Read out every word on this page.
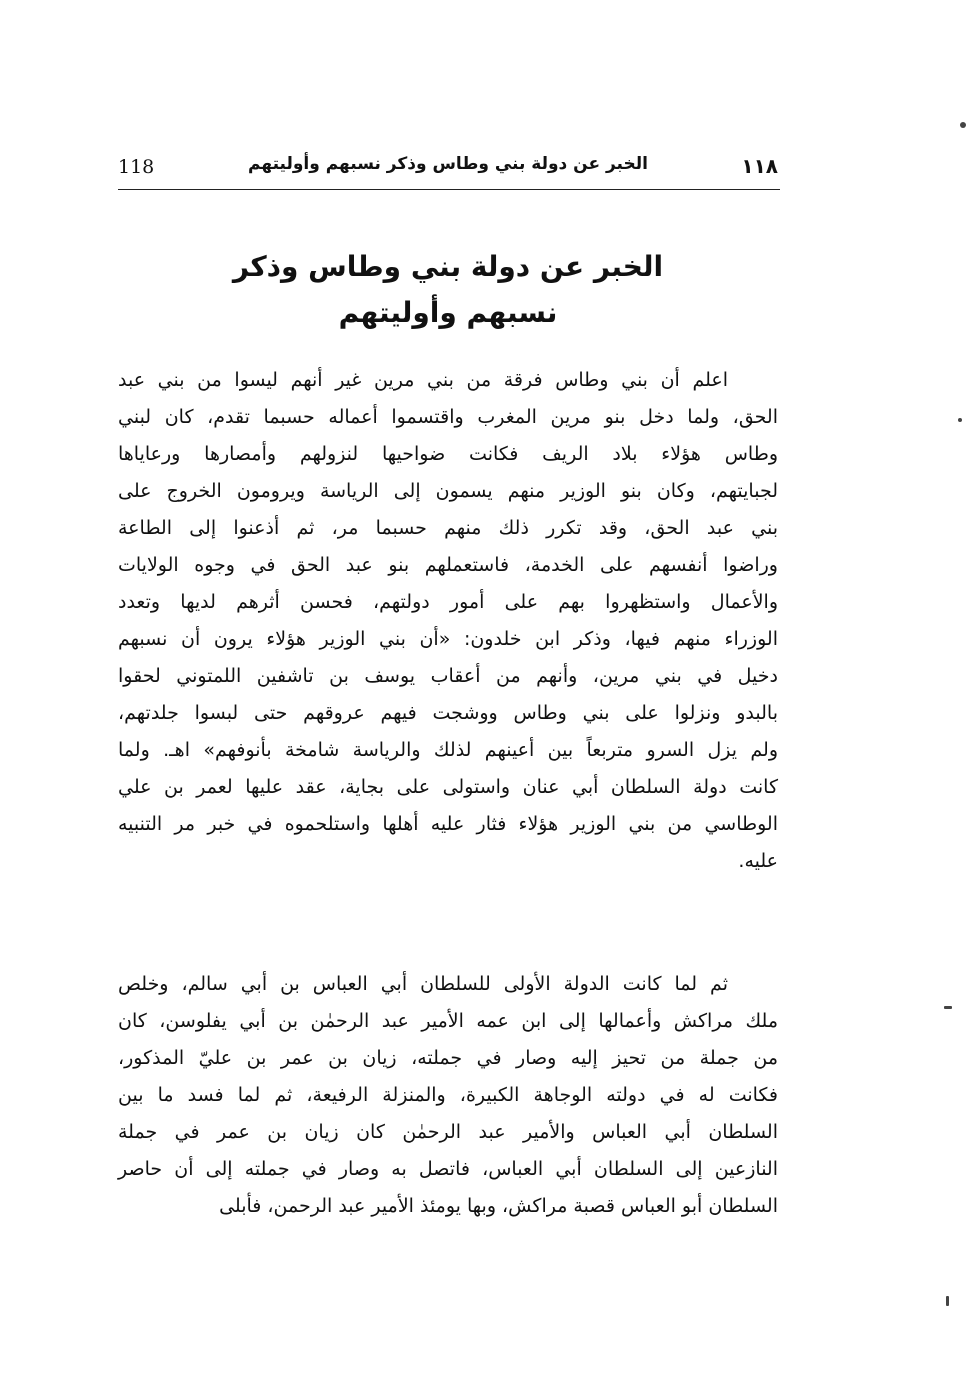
118	الخبر عن دولة بني وطاس وذكر نسبهم وأوليتهم	١١٨
الخبر عن دولة بني وطاس وذكر
نسبهم وأوليتهم
اعلم أن بني وطاس فرقة من بني مرين غير أنهم ليسوا من بني عبد
الحق، ولما دخل بنو مرين المغرب واقتسموا أعماله حسبما تقدم، كان لبني
وطاس هؤلاء بلاد الريف فكانت ضواحيها لنزولهم وأمصارها ورعاياها
لجبايتهم، وكان بنو الوزير منهم يسمون إلى الرياسة ويرومون الخروج على
بني عبد الحق، وقد تكرر ذلك منهم حسبما مر، ثم أذعنوا إلى الطاعة
وراضوا أنفسهم على الخدمة، فاستعملهم بنو عبد الحق في وجوه الولايات
والأعمال واستظهروا بهم على أمور دولتهم، فحسن أثرهم لديها وتعدد
الوزراء منهم فيها، وذكر ابن خلدون: «أن بني الوزير هؤلاء يرون أن نسبهم
دخيل في بني مرين، وأنهم من أعقاب يوسف بن تاشفين اللمتوني لحقوا
بالبدو ونزلوا على بني وطاس ووشجت فيهم عروقهم حتى لبسوا جلدتهم،
ولم يزل السرو متربعاً بين أعينهم لذلك والرياسة شامخة بأنوفهم» اهـ. ولما
كانت دولة السلطان أبي عنان واستولى على بجاية، عقد عليها لعمر بن علي
الوطاسي من بني الوزير هؤلاء فثار عليه أهلها واستلحموه في خبر مر التنبيه
عليه.
ثم لما كانت الدولة الأولى للسلطان أبي العباس بن أبي سالم، وخلص
ملك مراكش وأعمالها إلى ابن عمه الأمير عبد الرحمٰن بن أبي يفلوسن، كان
من جملة من تحيز إليه وصار في جملته، زيان بن عمر بن عليّ المذكور،
فكانت له في دولته الوجاهة الكبيرة، والمنزلة الرفيعة، ثم لما فسد ما بين
السلطان أبي العباس والأمير عبد الرحمٰن كان زيان بن عمر في جملة
النازعين إلى السلطان أبي العباس، فاتصل به وصار في جملته إلى أن حاصر
السلطان أبو العباس قصبة مراكش، وبها يومئذ الأمير عبد الرحمن، فأبلى
